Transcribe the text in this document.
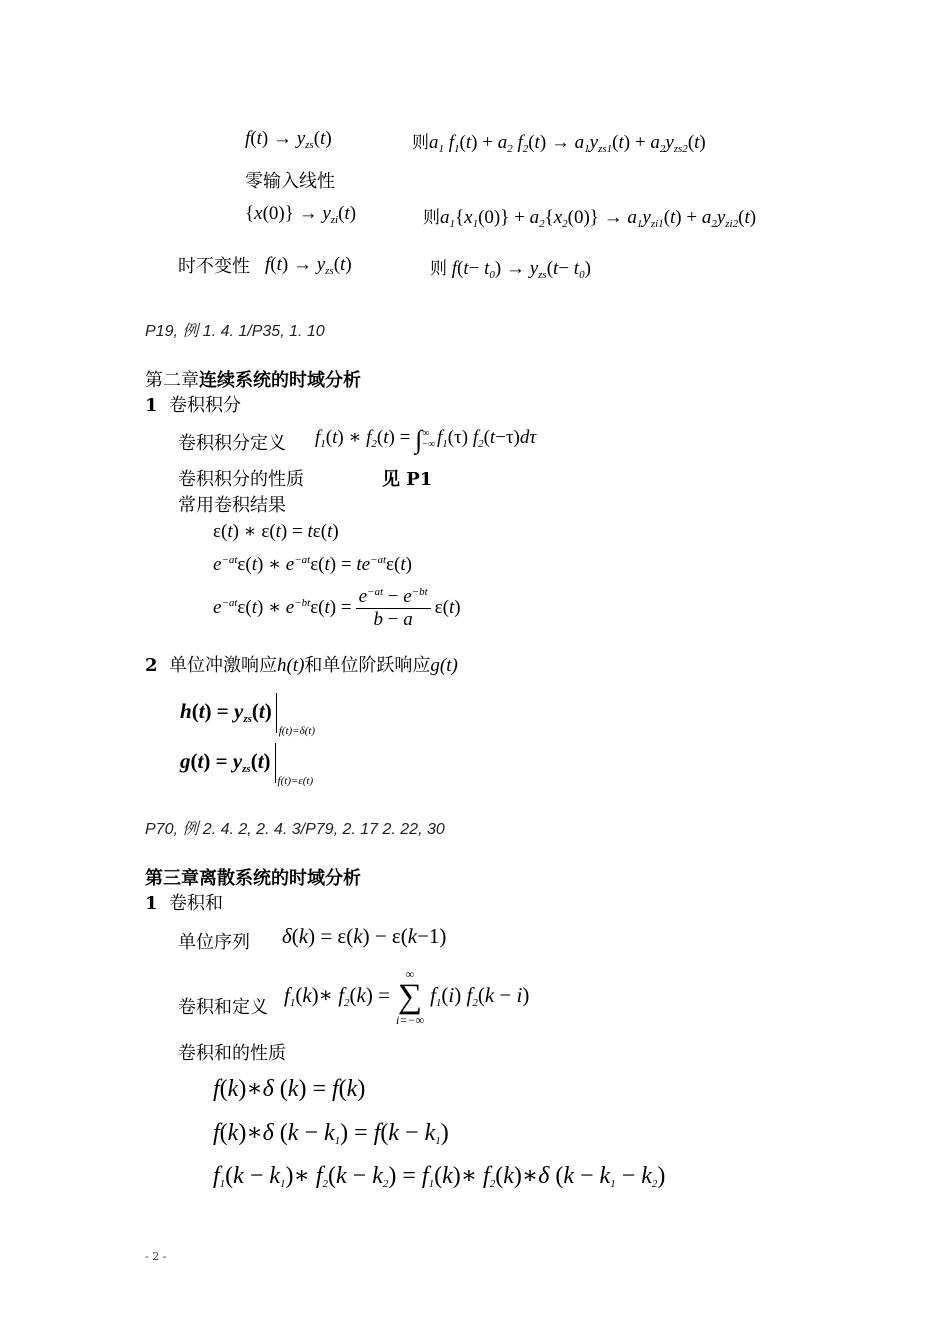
$f(t) \to y_{zs}(t)$	则$a_1$ $f_1(t) + a_2$ $f_2(t) \to a_1y_{zs1}(t) + a_2y_{zs2}(t)$
零输入线性
$\{x(0)\} \to y_{zi}(t)$	则$a_1\{x_1(0)\} + a_2\{x_2(0)\} \to a_1y_{zi1}(t) + a_2y_{zi2}(t)$
时不变性 $f(t) \to y_{zs}(t)$	则 $f(t- t_0) \to y_{zs}(t- t_0)$
P19, 例 1. 4. 1/P35, 1. 10
第二章连续系统的时域分析
1 卷积积分
卷积积分定义 $f_1(t)$ ∗ $f_2(t)$ = ∫∞
−∞ $f_1(\tau)$ $f_2(t-\tau)d\tau$
卷积积分的性质	见 P1
常用卷积结果
ε(t) ∗ ε(t) = tε(t)
$e^{-at}\varepsilon(t)$ ∗ $e^{-at}\varepsilon(t) = te^{-at}\varepsilon(t)$
$e^{-at}\varepsilon(t)$ ∗ $e^{-bt}\varepsilon(t) = \frac{e^{-at} - e^{-bt}}{b - a} \varepsilon(t)$
2 单位冲激响应h(t)和单位阶跃响应g(t)
$h(t) = y_{zs}(t)_{f(t)=\delta(t)}$
$g(t) = y_{zs}(t)_{f(t)=\varepsilon(t)}$
P70, 例 2. 4. 2, 2. 4. 3/P79, 2. 17 2. 22, 30
第三章离散系统的时域分析
1 卷积和
单位序列 δ(k) = ε(k) − ε(k−1)
卷积和定义
$f_1(k)∗$ $f_2(k)$ =
∞
∑
i=−∞
$f_1(i) f_2(k - i)$
卷积和的性质
f(k)∗δ (k) = f(k)
f(k)∗δ $(k - k_1) = f(k - k_1)$
$f_1(k$ − $k_1)∗$ $f_2(k - k_2)$ = $f_1(k)∗$ $f_2(k)∗\delta$ $(k - k_1 - k_2)$
- 2 -
